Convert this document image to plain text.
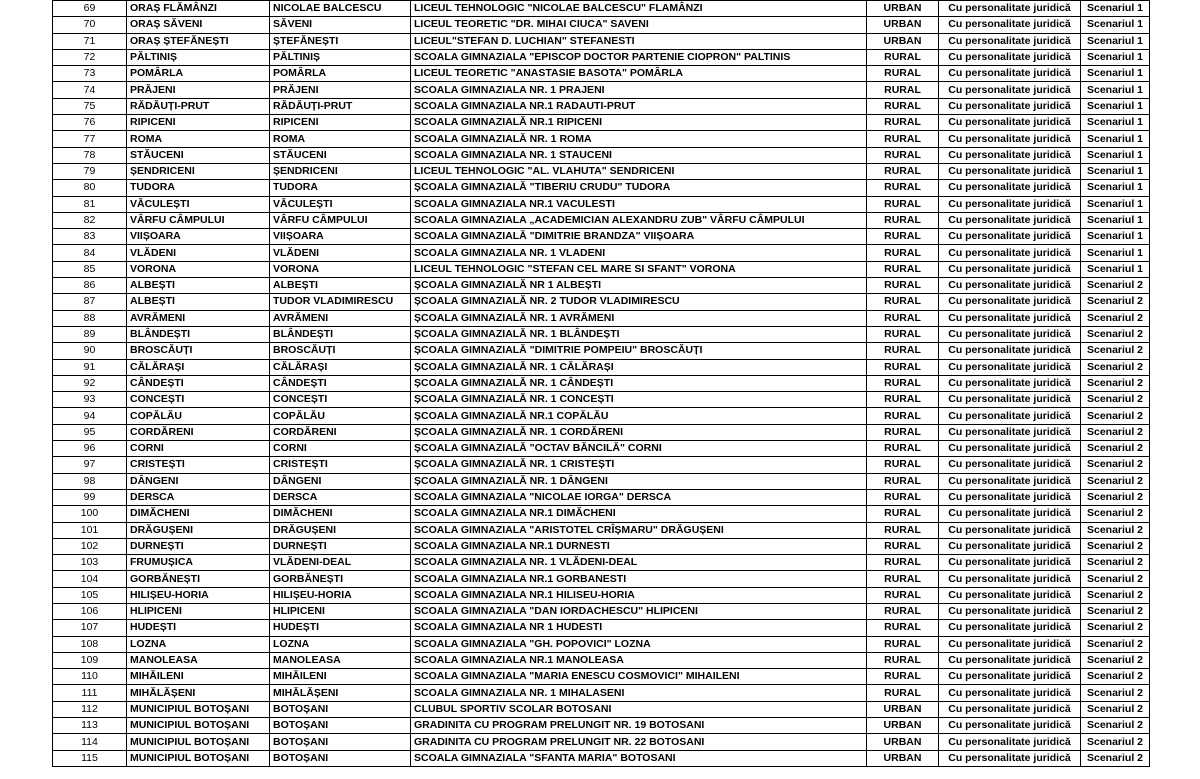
69	ORAȘ FLĂMÂNZI	NICOLAE BALCESCU	LICEUL TEHNOLOGIC "NICOLAE BALCESCU" FLAMÂNZI	URBAN	Cu personalitate juridică	Scenariul 1
70	ORAȘ SĂVENI	SĂVENI	LICEUL TEORETIC "DR. MIHAI CIUCA" SAVENI	URBAN	Cu personalitate juridică	Scenariul 1
71	ORAȘ ȘTEFĂNEȘTI	ȘTEFĂNEȘTI	LICEUL"STEFAN D. LUCHIAN" STEFANESTI	URBAN	Cu personalitate juridică	Scenariul 1
72	PĂLTINIȘ	PĂLTINIȘ	SCOALA GIMNAZIALA "EPISCOP DOCTOR PARTENIE CIOPRON" PALTINIS	RURAL	Cu personalitate juridică	Scenariul 1
73	POMÂRLA	POMÂRLA	LICEUL TEORETIC "ANASTASIE BASOTA" POMÂRLA	RURAL	Cu personalitate juridică	Scenariul 1
74	PRĂJENI	PRĂJENI	SCOALA GIMNAZIALA NR. 1 PRAJENI	RURAL	Cu personalitate juridică	Scenariul 1
75	RĂDĂUȚI-PRUT	RĂDĂUȚI-PRUT	SCOALA GIMNAZIALA NR.1 RADAUTI-PRUT	RURAL	Cu personalitate juridică	Scenariul 1
76	RIPICENI	RIPICENI	SCOALA GIMNAZIALĂ NR.1 RIPICENI	RURAL	Cu personalitate juridică	Scenariul 1
77	ROMA	ROMA	SCOALA GIMNAZIALĂ NR. 1 ROMA	RURAL	Cu personalitate juridică	Scenariul 1
78	STĂUCENI	STĂUCENI	SCOALA GIMNAZIALA NR. 1 STAUCENI	RURAL	Cu personalitate juridică	Scenariul 1
79	ȘENDRICENI	ȘENDRICENI	LICEUL TEHNOLOGIC "AL. VLAHUTA" SENDRICENI	RURAL	Cu personalitate juridică	Scenariul 1
80	TUDORA	TUDORA	ȘCOALA GIMNAZIALĂ "TIBERIU CRUDU" TUDORA	RURAL	Cu personalitate juridică	Scenariul 1
81	VĂCULEȘTI	VĂCULEȘTI	SCOALA GIMNAZIALA NR.1 VACULESTI	RURAL	Cu personalitate juridică	Scenariul 1
82	VÂRFU CÂMPULUI	VÂRFU CÂMPULUI	SCOALA GIMNAZIALA „ACADEMICIAN ALEXANDRU ZUB" VÂRFU CÂMPULUI	RURAL	Cu personalitate juridică	Scenariul 1
83	VIIȘOARA	VIIȘOARA	SCOALA GIMNAZIALĂ "DIMITRIE BRANDZA" VIIȘOARA	RURAL	Cu personalitate juridică	Scenariul 1
84	VLĂDENI	VLĂDENI	SCOALA GIMNAZIALA NR. 1 VLADENI	RURAL	Cu personalitate juridică	Scenariul 1
85	VORONA	VORONA	LICEUL TEHNOLOGIC "STEFAN CEL MARE SI SFANT" VORONA	RURAL	Cu personalitate juridică	Scenariul 1
86	ALBEȘTI	ALBEȘTI	ȘCOALA GIMNAZIALĂ NR 1 ALBEȘTI	RURAL	Cu personalitate juridică	Scenariul 2
87	ALBEȘTI	TUDOR VLADIMIRESCU	ȘCOALA GIMNAZIALĂ NR. 2 TUDOR VLADIMIRESCU	RURAL	Cu personalitate juridică	Scenariul 2
88	AVRĂMENI	AVRĂMENI	ȘCOALA GIMNAZIALĂ NR. 1 AVRĂMENI	RURAL	Cu personalitate juridică	Scenariul 2
89	BLÂNDEȘTI	BLÂNDEȘTI	ȘCOALA GIMNAZIALĂ NR. 1 BLÂNDEȘTI	RURAL	Cu personalitate juridică	Scenariul 2
90	BROSCĂUȚI	BROSCĂUȚI	ȘCOALA GIMNAZIALĂ "DIMITRIE POMPEIU" BROSCĂUȚI	RURAL	Cu personalitate juridică	Scenariul 2
91	CĂLĂRAȘI	CĂLĂRAȘI	ȘCOALA GIMNAZIALĂ NR. 1 CĂLĂRAȘI	RURAL	Cu personalitate juridică	Scenariul 2
92	CÂNDEȘTI	CÂNDEȘTI	ȘCOALA GIMNAZIALĂ NR. 1 CÂNDEȘTI	RURAL	Cu personalitate juridică	Scenariul 2
93	CONCEȘTI	CONCEȘTI	ȘCOALA GIMNAZIALĂ NR. 1 CONCEȘTI	RURAL	Cu personalitate juridică	Scenariul 2
94	COPĂLĂU	COPĂLĂU	ȘCOALA GIMNAZIALĂ NR.1 COPĂLĂU	RURAL	Cu personalitate juridică	Scenariul 2
95	CORDĂRENI	CORDĂRENI	ȘCOALA GIMNAZIALĂ NR. 1 CORDĂRENI	RURAL	Cu personalitate juridică	Scenariul 2
96	CORNI	CORNI	ȘCOALA GIMNAZIALĂ "OCTAV BĂNCILĂ" CORNI	RURAL	Cu personalitate juridică	Scenariul 2
97	CRISTEȘTI	CRISTEȘTI	ȘCOALA GIMNAZIALĂ NR. 1 CRISTEȘTI	RURAL	Cu personalitate juridică	Scenariul 2
98	DÂNGENI	DÂNGENI	ȘCOALA GIMNAZIALĂ NR. 1 DÂNGENI	RURAL	Cu personalitate juridică	Scenariul 2
99	DERSCA	DERSCA	SCOALA GIMNAZIALA "NICOLAE IORGA" DERSCA	RURAL	Cu personalitate juridică	Scenariul 2
100	DIMĂCHENI	DIMĂCHENI	SCOALA GIMNAZIALA NR.1 DIMĂCHENI	RURAL	Cu personalitate juridică	Scenariul 2
101	DRĂGUȘENI	DRĂGUȘENI	SCOALA GIMNAZIALA "ARISTOTEL CRÎȘMARU" DRĂGUȘENI	RURAL	Cu personalitate juridică	Scenariul 2
102	DURNEȘTI	DURNEȘTI	SCOALA GIMNAZIALA NR.1 DURNESTI	RURAL	Cu personalitate juridică	Scenariul 2
103	FRUMUȘICA	VLĂDENI-DEAL	SCOALA GIMNAZIALA NR. 1 VLĂDENI-DEAL	RURAL	Cu personalitate juridică	Scenariul 2
104	GORBĂNEȘTI	GORBĂNEȘTI	SCOALA GIMNAZIALA NR.1 GORBANESTI	RURAL	Cu personalitate juridică	Scenariul 2
105	HILIȘEU-HORIA	HILIȘEU-HORIA	SCOALA GIMNAZIALA NR.1 HILISEU-HORIA	RURAL	Cu personalitate juridică	Scenariul 2
106	HLIPICENI	HLIPICENI	SCOALA GIMNAZIALA "DAN IORDACHESCU" HLIPICENI	RURAL	Cu personalitate juridică	Scenariul 2
107	HUDEȘTI	HUDEȘTI	SCOALA GIMNAZIALA NR 1 HUDESTI	RURAL	Cu personalitate juridică	Scenariul 2
108	LOZNA	LOZNA	SCOALA GIMNAZIALA "GH. POPOVICI" LOZNA	RURAL	Cu personalitate juridică	Scenariul 2
109	MANOLEASA	MANOLEASA	SCOALA GIMNAZIALA NR.1 MANOLEASA	RURAL	Cu personalitate juridică	Scenariul 2
110	MIHĂILENI	MIHĂILENI	SCOALA GIMNAZIALA "MARIA ENESCU COSMOVICI" MIHAILENI	RURAL	Cu personalitate juridică	Scenariul 2
111	MIHĂLĂȘENI	MIHĂLĂȘENI	SCOALA GIMNAZIALA NR. 1 MIHALASENI	RURAL	Cu personalitate juridică	Scenariul 2
112	MUNICIPIUL BOTOȘANI	BOTOȘANI	CLUBUL SPORTIV SCOLAR BOTOSANI	URBAN	Cu personalitate juridică	Scenariul 2
113	MUNICIPIUL BOTOȘANI	BOTOȘANI	GRADINITA CU PROGRAM PRELUNGIT NR. 19 BOTOSANI	URBAN	Cu personalitate juridică	Scenariul 2
114	MUNICIPIUL BOTOȘANI	BOTOȘANI	GRADINITA CU PROGRAM PRELUNGIT NR. 22 BOTOSANI	URBAN	Cu personalitate juridică	Scenariul 2
115	MUNICIPIUL BOTOȘANI	BOTOȘANI	SCOALA GIMNAZIALA "SFANTA MARIA" BOTOSANI	URBAN	Cu personalitate juridică	Scenariul 2
